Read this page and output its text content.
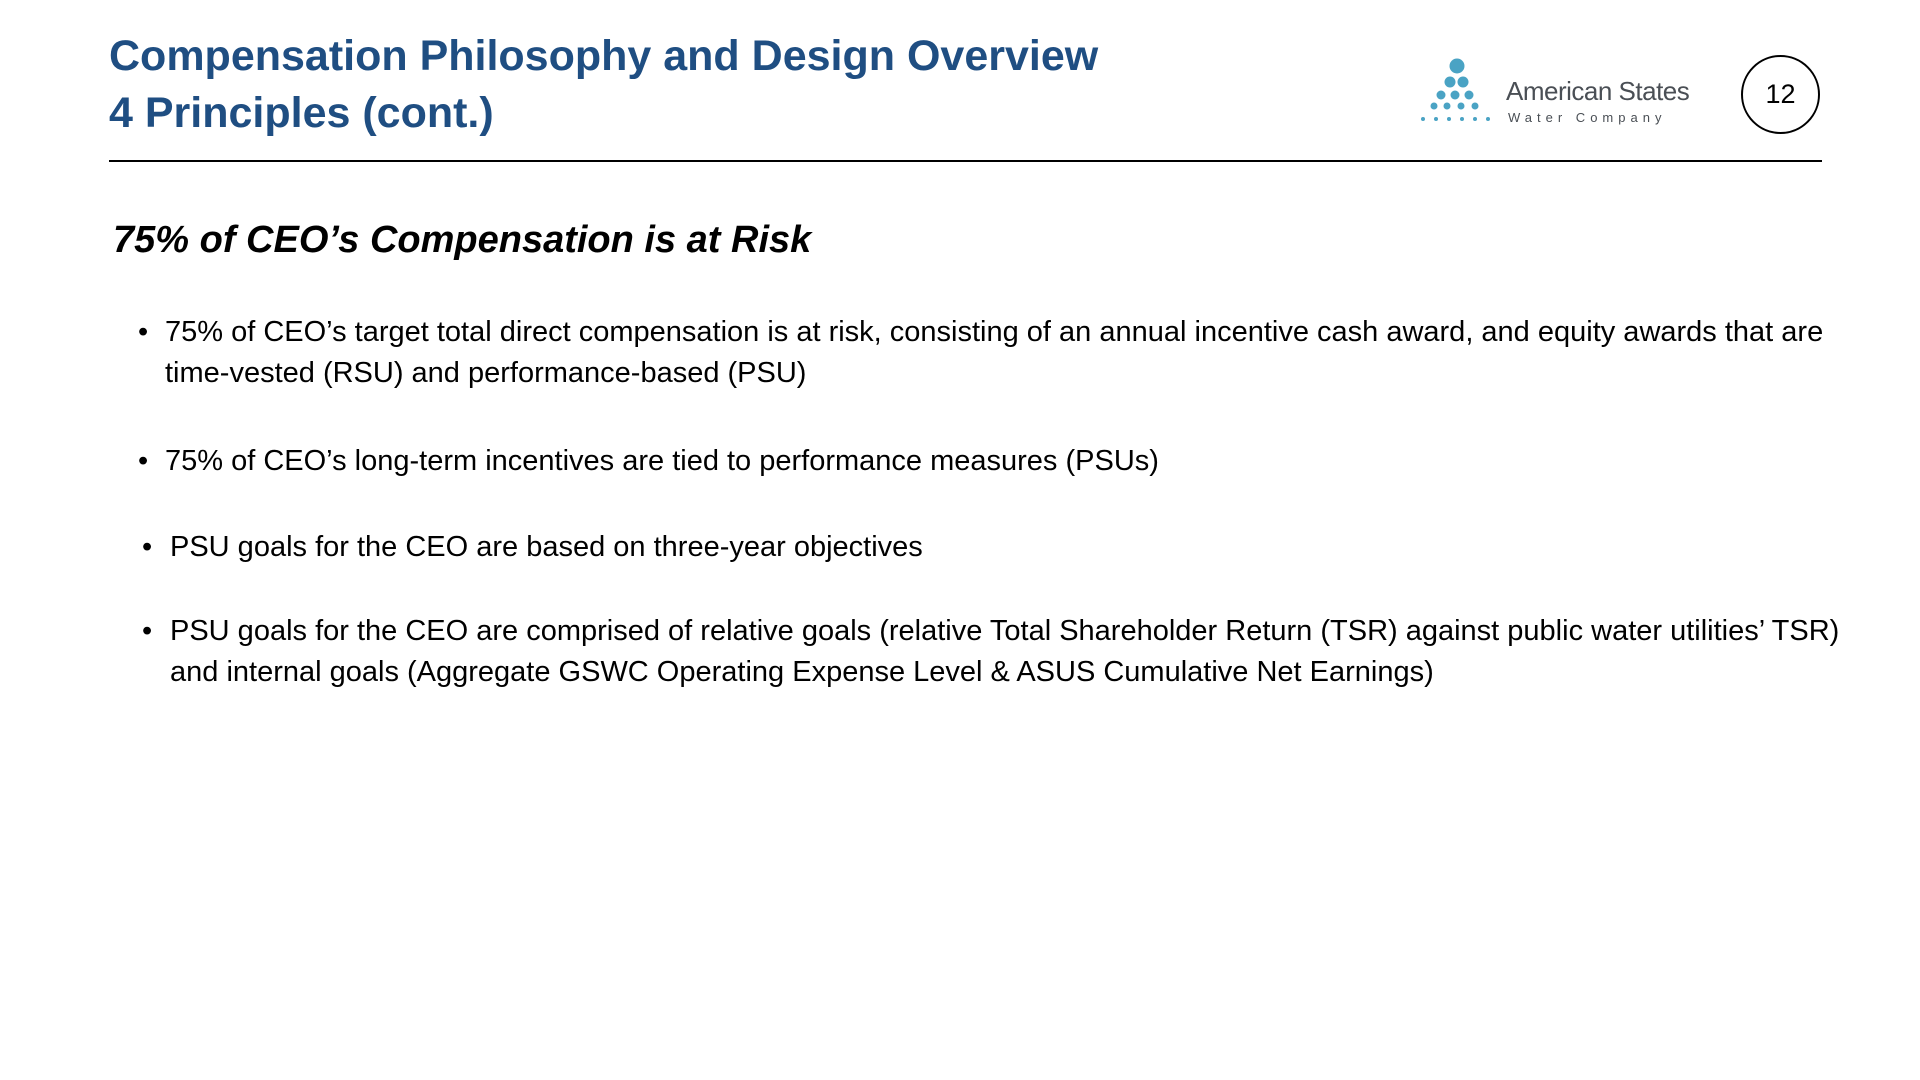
Compensation Philosophy and Design Overview
4 Principles (cont.)	American States
Water Company
12
75% of CEO’s Compensation is at Risk
• 75% of CEO’s target total direct compensation is at risk, consisting of an annual incentive cash award, and equity awards that are time-vested (RSU) and performance-based (PSU)
• 75% of CEO’s long-term incentives are tied to performance measures (PSUs)
• PSU goals for the CEO are based on three-year objectives
• PSU goals for the CEO are comprised of relative goals (relative Total Shareholder Return (TSR) against public water utilities’ TSR) and internal goals (Aggregate GSWC Operating Expense Level & ASUS Cumulative Net Earnings)
